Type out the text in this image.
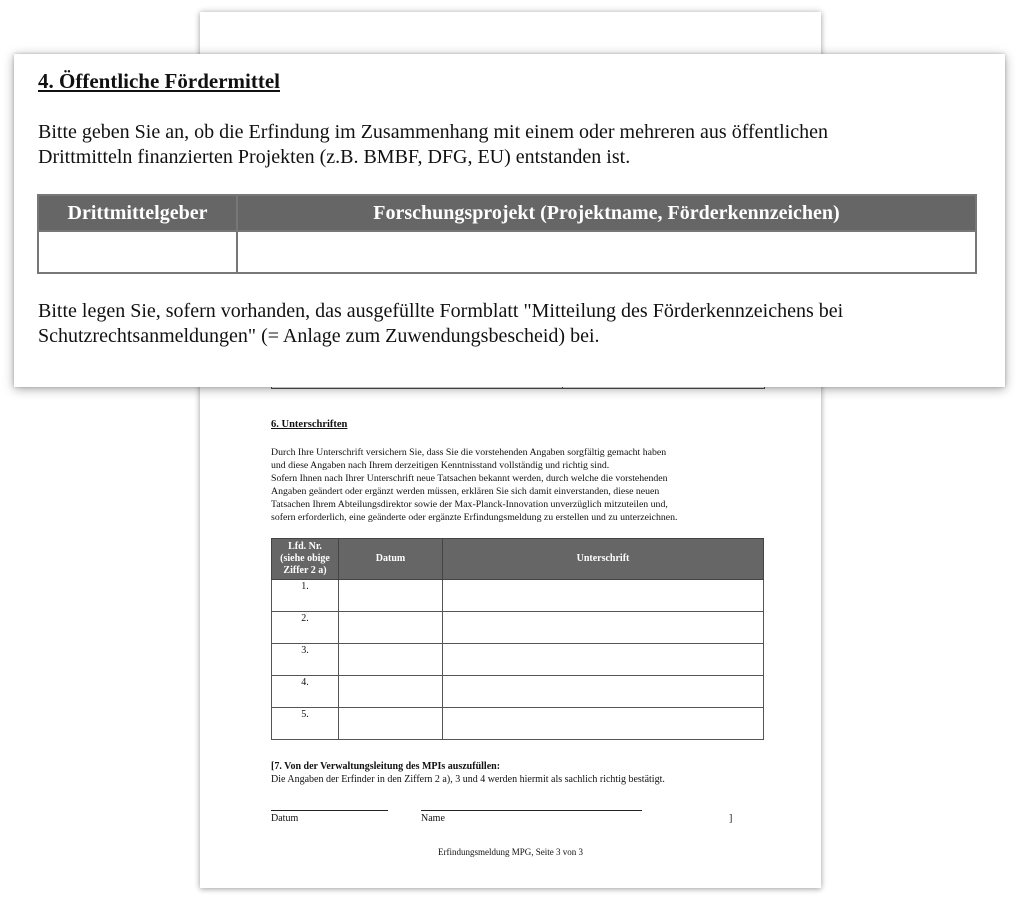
6. Unterschriften
Durch Ihre Unterschrift versichern Sie, dass Sie die vorstehenden Angaben sorgfältig gemacht haben
und diese Angaben nach Ihrem derzeitigen Kenntnisstand vollständig und richtig sind.
Sofern Ihnen nach Ihrer Unterschrift neue Tatsachen bekannt werden, durch welche die vorstehenden
Angaben geändert oder ergänzt werden müssen, erklären Sie sich damit einverstanden, diese neuen
Tatsachen Ihrem Abteilungsdirektor sowie der Max-Planck-Innovation unverzüglich mitzuteilen und,
sofern erforderlich, eine geänderte oder ergänzte Erfindungsmeldung zu erstellen und zu unterzeichnen.
Lfd. Nr.
(siehe obige
Ziffer 2 a)	Datum	Unterschrift
1.		
2.		
3.		
4.		
5.		
[7. Von der Verwaltungsleitung des MPIs auszufüllen:
Die Angaben der Erfinder in den Ziffern 2 a), 3 und 4 werden hiermit als sachlich richtig bestätigt.
Datum	Name	]
Erfindungsmeldung MPG, Seite 3 von 3
4. Öffentliche Fördermittel
Bitte geben Sie an, ob die Erfindung im Zusammenhang mit einem oder mehreren aus öffentlichen
Drittmitteln finanzierten Projekten (z.B. BMBF, DFG, EU) entstanden ist.
Drittmittelgeber	Forschungsprojekt (Projektname, Förderkennzeichen)

Bitte legen Sie, sofern vorhanden, das ausgefüllte Formblatt "Mitteilung des Förderkennzeichens bei
Schutzrechtsanmeldungen" (= Anlage zum Zuwendungsbescheid) bei.
